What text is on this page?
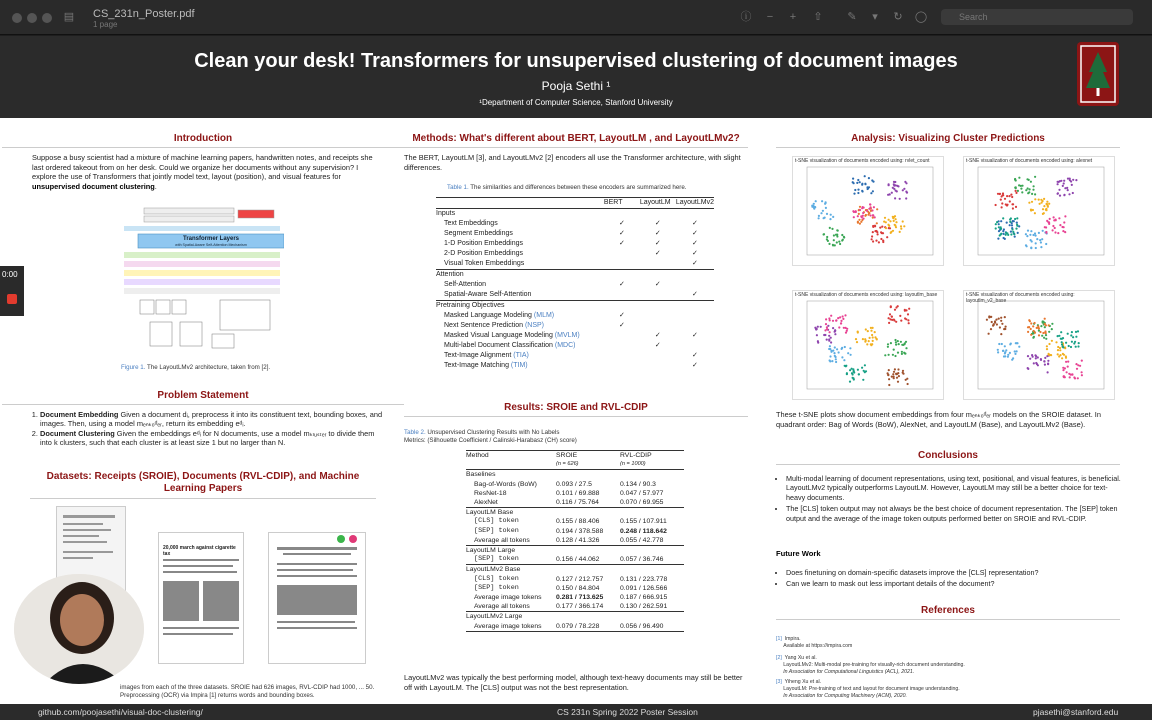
▤ CS_231n_Poster.pdf
1 page
ⓘ	−	+	⇧ ✎	▾	↻ ◯	Search
Clean your desk! Transformers for unsupervised clustering of document images
Pooja Sethi ¹
¹Department of Computer Science, Stanford University
Introduction
Suppose a busy scientist had a mixture of machine learning papers, handwritten notes, and receipts she last ordered takeout from on her desk. Could we organize her documents without any supervision? I explore the use of Transformers that jointly model text, layout (position), and visual features for unsupervised document clustering.
Transformer Layers
with Spatial-Aware Self-Attention Mechanism
Figure 1. The LayoutLMv2 architecture, taken from [2].
Problem Statement
1. Document Embedding Given a document dᵢ, preprocess it into its constituent text, bounding boxes, and images. Then, using a model mₑₙₖₒᵈₑᵣ, return its embedding eᵈᵢ.
2. Document Clustering Given the embeddings eᵈᵢ for N documents, use a model mₖₗᵤₛₜₑᵣ to divide them into k clusters, such that each cluster is at least size 1 but no larger than N.
Datasets: Receipts (SROIE), Documents (RVL-CDIP), and Machine Learning Papers
20,000 march against cigarette tax
images from each of the three datasets. SROIE had 626 images, RVL-CDIP had 1000, ... 50. Preprocessing (OCR) via Impira [1] returns words and bounding boxes.
Methods: What's different about BERT, LayoutLM , and LayoutLMv2?
The BERT, LayoutLM [3], and LayoutLMv2 [2] encoders all use the Transformer architecture, with slight differences.
Table 1. The similarities and differences between these encoders are summarized here.
	BERT	LayoutLM	LayoutLMv2
Inputs			
Text Embeddings	✓	✓	✓
Segment Embeddings	✓	✓	✓
1-D Position Embeddings	✓	✓	✓
2-D Position Embeddings		✓	✓
Visual Token Embeddings			✓
Attention			
Self-Attention	✓	✓	
Spatial-Aware Self-Attention			✓
Pretraining Objectives			
Masked Language Modeling (MLM)	✓		
Next Sentence Prediction (NSP)	✓		
Masked Visual Language Modeling (MVLM)		✓	✓
Multi-label Document Classification (MDC)		✓	
Text-Image Alignment (TIA)			✓
Text-Image Matching (TIM)			✓
Results: SROIE and RVL-CDIP
Table 2. Unsupervised Clustering Results with No Labels
Metrics: (Silhouette Coefficient / Calinski-Harabasz (CH) score)
Method	SROIE	RVL-CDIP
	(n = 626)	(n = 1000)
Baselines		
Bag-of-Words (BoW)	0.093 / 27.5	0.134 / 90.3
ResNet-18	0.101 / 69.888	0.047 / 57.977
AlexNet	0.116 / 75.764	0.070 / 69.955
LayoutLM Base		
[CLS] token	0.155 / 88.406	0.155 / 107.911
[SEP] token	0.194 / 378.588	0.248 / 118.642
Average all tokens	0.128 / 41.326	0.055 / 42.778
LayoutLM Large		
[SEP] token	0.156 / 44.062	0.057 / 36.746
LayoutLMv2 Base		
[CLS] token	0.127 / 212.757	0.131 / 223.778
[SEP] token	0.150 / 84.804	0.091 / 126.566
Average image tokens	0.281 / 713.625	0.187 / 666.915
Average all tokens	0.177 / 366.174	0.130 / 262.591
LayoutLMv2 Large		
Average image tokens	0.079 / 78.228	0.056 / 96.490

LayoutLMv2 was typically the best performing model, although text-heavy documents may still be better off with LayoutLM. The [CLS] output was not the best representation.
Analysis: Visualizing Cluster Predictions
t-SNE visualization of documents encoded using: rvlet_count	t-SNE visualization of documents encoded using: alexnet
t-SNE visualization of documents encoded using: layoutlm_base	t-SNE visualization of documents encoded using: layoutlm_v2_base
These t-SNE plots show document embeddings from four mₑₙₖₒᵈₑᵣ models on the SROIE dataset. In quadrant order: Bag of Words (BoW), AlexNet, and LayoutLM (Base), and LayoutLMv2 (Base).
Conclusions
• Multi-modal learning of document representations, using text, positional, and visual features, is beneficial. LayoutLMv2 typically outperforms LayoutLM. However, LayoutLM may still be a better choice for text-heavy documents.
• The [CLS] token output may not always be the best choice of document representation. The [SEP] token output and the average of the image token outputs performed better on SROIE and RVL-CDIP.
Future Work
• Does finetuning on domain-specific datasets improve the [CLS] representation?
• Can we learn to mask out less important details of the document?
References
[1] Impira.
Available at https://impira.com
[2] Yang Xu et al.
LayoutLMv2: Multi-modal pre-training for visually-rich document understanding.
In Association for Computational Linguistics (ACL), 2021.
[3] Yiheng Xu et al.
LayoutLM: Pre-training of text and layout for document image understanding.
In Association for Computing Machinery (ACM), 2020.
0:00
github.com/poojasethi/visual-doc-clustering/	CS 231n Spring 2022 Poster Session	pjasethi@stanford.edu
